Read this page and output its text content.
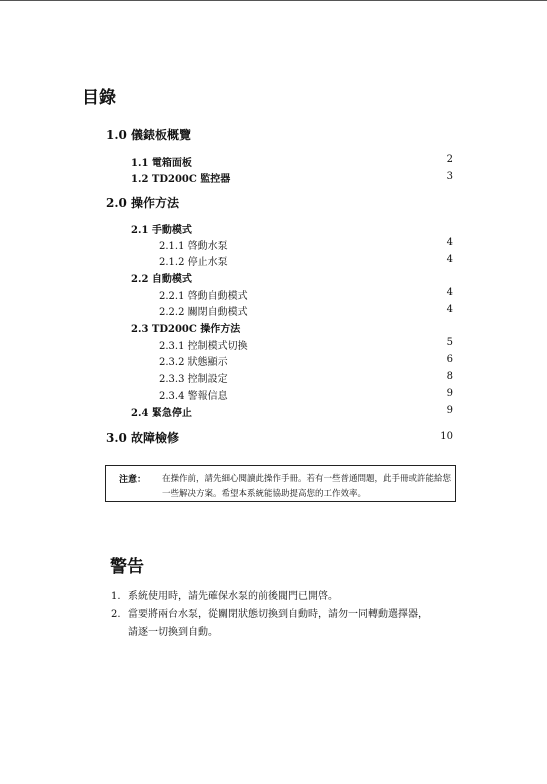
目錄
1.0 儀錶板概覽
1.1 電箱面板	2
1.2 TD200C 監控器	3
2.0 操作方法
2.1 手動模式
2.1.1 啓動水泵	4
2.1.2 停止水泵	4
2.2 自動模式
2.2.1 啓動自動模式	4
2.2.2 關閉自動模式	4
2.3 TD200C 操作方法
2.3.1 控制模式切換	5
2.3.2 狀態顯示	6
2.3.3 控制設定	8
2.3.4 警報信息	9
2.4 緊急停止	9
3.0 故障檢修	10
注意： 在操作前，請先細心閱讀此操作手冊。若有一些普通問題，此手冊或許能給您一些解决方案。希望本系統能協助提高您的工作效率。
警告
1. 系統使用時，請先確保水泵的前後閥門已開啓。
2. 當要將兩台水泵，從關閉狀態切換到自動時，請勿一同轉動選擇器，請逐一切換到自動。
